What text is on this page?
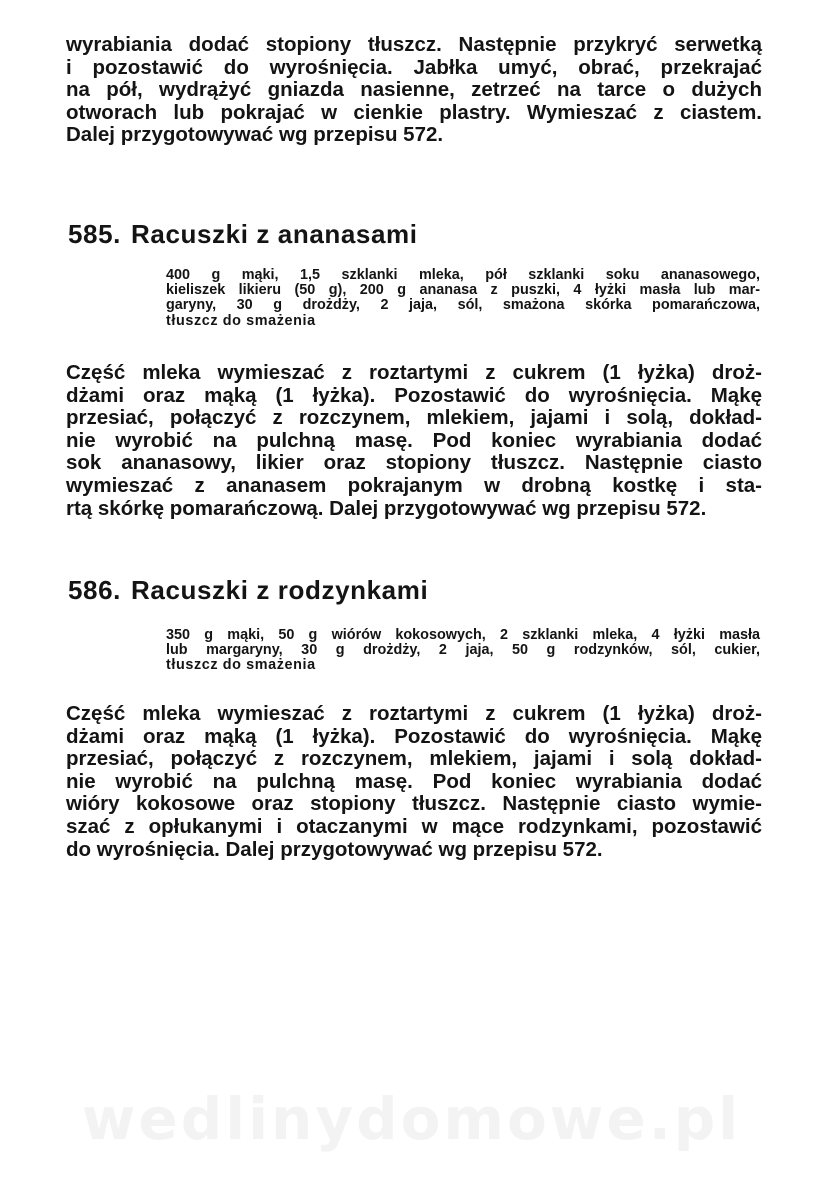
wyrabiania dodać stopiony tłuszcz. Następnie przykryć serwetką
i pozostawić do wyrośnięcia. Jabłka umyć, obrać, przekrajać
na pół, wydrążyć gniazda nasienne, zetrzeć na tarce o dużych
otworach lub pokrajać w cienkie plastry. Wymieszać z ciastem.
Dalej przygotowywać wg przepisu 572.

585. Racuszki z ananasami

400 g mąki, 1,5 szklanki mleka, pół szklanki soku ananasowego,
kieliszek likieru (50 g), 200 g ananasa z puszki, 4 łyżki masła lub mar-
garyny, 30 g drożdży, 2 jaja, sól, smażona skórka pomarańczowa,
tłuszcz do smażenia

Część mleka wymieszać z roztartymi z cukrem (1 łyżka) droż-
dżami oraz mąką (1 łyżka). Pozostawić do wyrośnięcia. Mąkę
przesiać, połączyć z rozczynem, mlekiem, jajami i solą, dokład-
nie wyrobić na pulchną masę. Pod koniec wyrabiania dodać
sok ananasowy, likier oraz stopiony tłuszcz. Następnie ciasto
wymieszać z ananasem pokrajanym w drobną kostkę i sta-
rtą skórkę pomarańczową. Dalej przygotowywać wg przepisu 572.

586. Racuszki z rodzynkami

350 g mąki, 50 g wiórów kokosowych, 2 szklanki mleka, 4 łyżki masła
lub margaryny, 30 g drożdży, 2 jaja, 50 g rodzynków, sól, cukier,
tłuszcz do smażenia

Część mleka wymieszać z roztartymi z cukrem (1 łyżka) droż-
dżami oraz mąką (1 łyżka). Pozostawić do wyrośnięcia. Mąkę
przesiać, połączyć z rozczynem, mlekiem, jajami i solą dokład-
nie wyrobić na pulchną masę. Pod koniec wyrabiania dodać
wióry kokosowe oraz stopiony tłuszcz. Następnie ciasto wymie-
szać z opłukanymi i otaczanymi w mące rodzynkami, pozostawić
do wyrośnięcia. Dalej przygotowywać wg przepisu 572.

wedlinydomowe.pl
